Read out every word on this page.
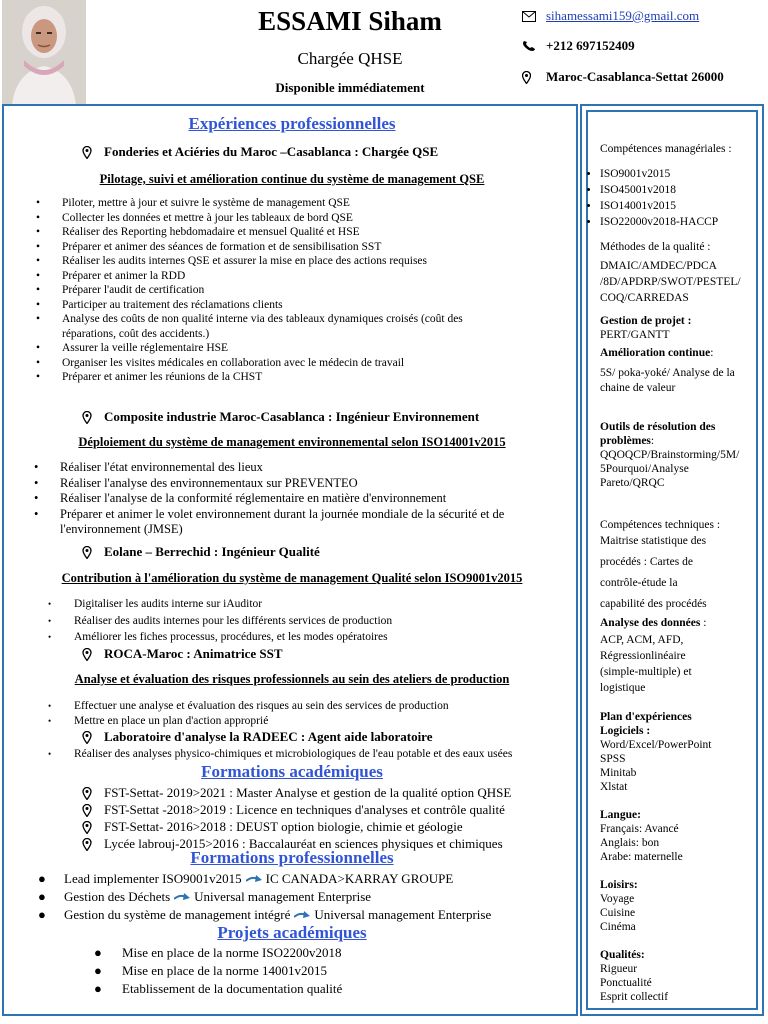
ESSAMI Siham
Chargée QHSE
Disponible immédiatement
sihamessami159@gmail.com
+212 697152409
Maroc-Casablanca-Settat 26000
Expériences professionnelles
Fonderies et Aciéries du Maroc –Casablanca : Chargée QSE
Pilotage, suivi et amélioration continue du système de management QSE
• Piloter, mettre à jour et suivre le système de management QSE
• Collecter les données et mettre à jour les tableaux de bord QSE
• Réaliser des Reporting hebdomadaire et mensuel Qualité et HSE
• Préparer et animer des séances de formation et de sensibilisation SST
• Réaliser les audits internes QSE et assurer la mise en place des actions requises
• Préparer et animer la RDD
• Préparer l'audit de certification
• Participer au traitement des réclamations clients
• Analyse des coûts de non qualité interne via des tableaux dynamiques croisés (coût des
réparations, coût des accidents.)
• Assurer la veille réglementaire HSE
• Organiser les visites médicales en collaboration avec le médecin de travail
• Préparer et animer les réunions de la CHST
Composite industrie Maroc-Casablanca : Ingénieur Environnement
Déploiement du système de management environnemental selon ISO14001v2015
• Réaliser l'état environnemental des lieux
• Réaliser l'analyse des environnementaux sur PREVENTEO
• Réaliser l'analyse de la conformité réglementaire en matière d'environnement
• Préparer et animer le volet environnement durant la journée mondiale de la sécurité et de
l'environnement (JMSE)
Eolane – Berrechid : Ingénieur Qualité
Contribution à l'amélioration du système de management Qualité selon ISO9001v2015
• Digitaliser les audits interne sur iAuditor
• Réaliser des audits internes pour les différents services de production
• Améliorer les fiches processus, procédures, et les modes opératoires
ROCA-Maroc : Animatrice SST
Analyse et évaluation des risques professionnels au sein des ateliers de production
• Effectuer une analyse et évaluation des risques au sein des services de production
• Mettre en place un plan d'action approprié
Laboratoire d'analyse la RADEEC : Agent aide laboratoire
• Réaliser des analyses physico-chimiques et microbiologiques de l'eau potable et des eaux usées
Formations académiques
FST-Settat- 2019>2021 : Master Analyse et gestion de la qualité option QHSE
FST-Settat -2018>2019 : Licence en techniques d'analyses et contrôle qualité
FST-Settat- 2016>2018 : DEUST option biologie, chimie et géologie
Lycée labrouj-2015>2016 : Baccalauréat en sciences physiques et chimiques
Formations professionnelles
●	Lead implementer ISO9001v2015 IC CANADA>KARRAY GROUPE
●	Gestion des Déchets Universal management Enterprise
●	Gestion du système de management intégré Universal management Enterprise
Projets académiques
●	Mise en place de la norme ISO2200v2018
●	Mise en place de la norme 14001v2015
●	Etablissement de la documentation qualité
Compétences managériales :
• ISO9001v2015
• ISO45001v2018
• ISO14001v2015
• ISO22000v2018-HACCP
Méthodes de la qualité :
DMAIC/AMDEC/PDCA
/8D/APDRP/SWOT/PESTEL/
COQ/CARREDAS
Gestion de projet :
PERT/GANTT
Amélioration continue:
5S/ poka-yoké/ Analyse de la
chaine de valeur
Outils de résolution des
problèmes:
QQOQCP/Brainstorming/5M/
5Pourquoi/Analyse
Pareto/QRQC
Compétences techniques :
Maitrise statistique des
procédés : Cartes de
contrôle-étude la
capabilité des procédés
Analyse des données :
ACP, ACM, AFD,
Régressionlinéaire
(simple-multiple) et
logistique
Plan d'expériences
Logiciels :
Word/Excel/PowerPoint
SPSS
Minitab
Xlstat
Langue:
Français: Avancé
Anglais: bon
Arabe: maternelle
Loisirs:
Voyage
Cuisine
Cinéma
Qualités:
Rigueur
Ponctualité
Esprit collectif
